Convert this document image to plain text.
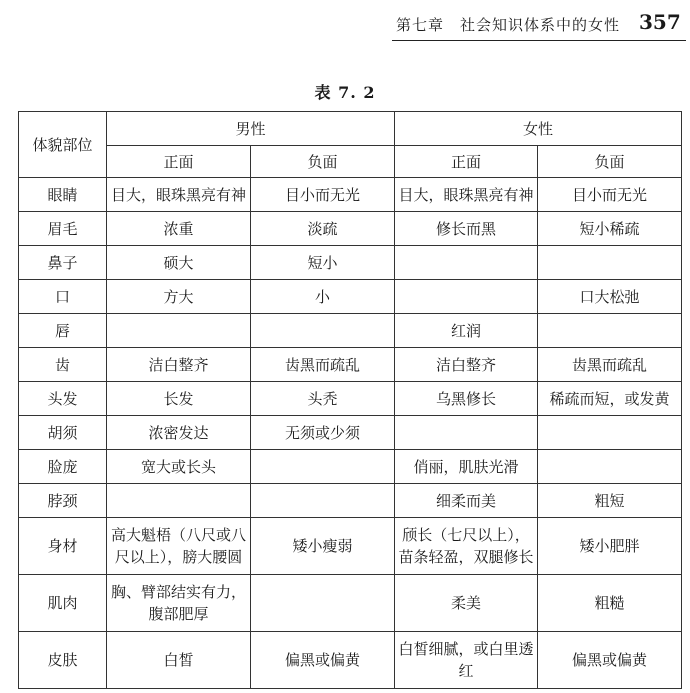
第七章　社会知识体系中的女性 357
表 7. 2
体貌部位	男性		女性	
	正面	负面	正面	负面
眼睛	目大，眼珠黑亮有神	目小而无光	目大，眼珠黑亮有神	目小而无光
眉毛	浓重	淡疏	修长而黑	短小稀疏
鼻子	硕大	短小		
口	方大	小		口大松弛
唇			红润	
齿	洁白整齐	齿黑而疏乱	洁白整齐	齿黑而疏乱
头发	长发	头秃	乌黑修长	稀疏而短，或发黄
胡须	浓密发达	无须或少须		
脸庞	宽大或长头		俏丽，肌肤光滑	
脖颈			细柔而美	粗短
身材	高大魁梧（八尺或八尺以上），膀大腰圆	矮小瘦弱	颀长（七尺以上），苗条轻盈，双腿修长	矮小肥胖
肌肉	胸、臂部结实有力，腹部肥厚		柔美	粗糙
皮肤	白皙	偏黑或偏黄	白皙细腻，或白里透红	偏黑或偏黄
